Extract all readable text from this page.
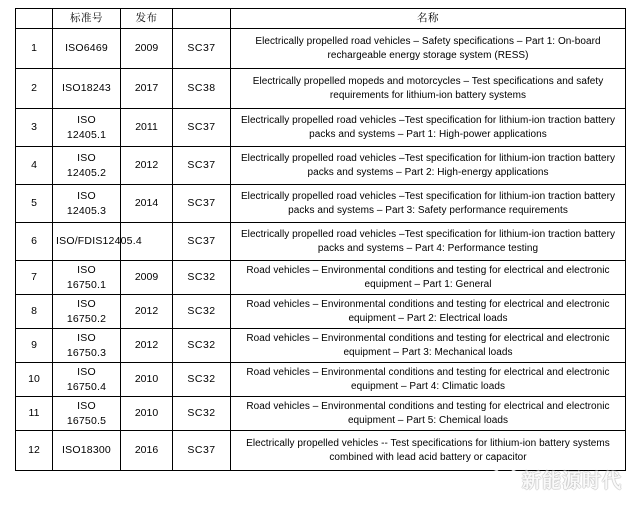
	标准号	发布		名称
1	ISO6469	2009	SC37	Electrically propelled road vehicles – Safety specifications – Part 1: On-board rechargeable energy storage system (RESS)
2	ISO18243	2017	SC38	Electrically propelled mopeds and motorcycles – Test specifications and safety requirements for lithium-ion battery systems
3	ISO 12405.1	2011	SC37	Electrically propelled road vehicles –Test specification for lithium-ion traction battery packs and systems – Part 1: High-power applications
4	ISO 12405.2	2012	SC37	Electrically propelled road vehicles –Test specification for lithium-ion traction battery packs and systems – Part 2: High-energy applications
5	ISO 12405.3	2014	SC37	Electrically propelled road vehicles –Test specification for lithium-ion traction battery packs and systems – Part 3: Safety performance requirements
6	ISO/FDIS12405.4		SC37	Electrically propelled road vehicles –Test specification for lithium-ion traction battery packs and systems – Part 4: Performance testing
7	ISO 16750.1	2009	SC32	Road vehicles – Environmental conditions and testing for electrical and electronic equipment – Part 1: General
8	ISO 16750.2	2012	SC32	Road vehicles – Environmental conditions and testing for electrical and electronic equipment – Part 2: Electrical loads
9	ISO 16750.3	2012	SC32	Road vehicles – Environmental conditions and testing for electrical and electronic equipment – Part 3: Mechanical loads
10	ISO 16750.4	2010	SC32	Road vehicles – Environmental conditions and testing for electrical and electronic equipment – Part 4: Climatic loads
11	ISO 16750.5	2010	SC32	Road vehicles – Environmental conditions and testing for electrical and electronic equipment – Part 5: Chemical loads
12	ISO18300	2016	SC37	Electrically propelled vehicles -- Test specifications for lithium-ion battery systems combined with lead acid battery or capacitor
新能源时代
